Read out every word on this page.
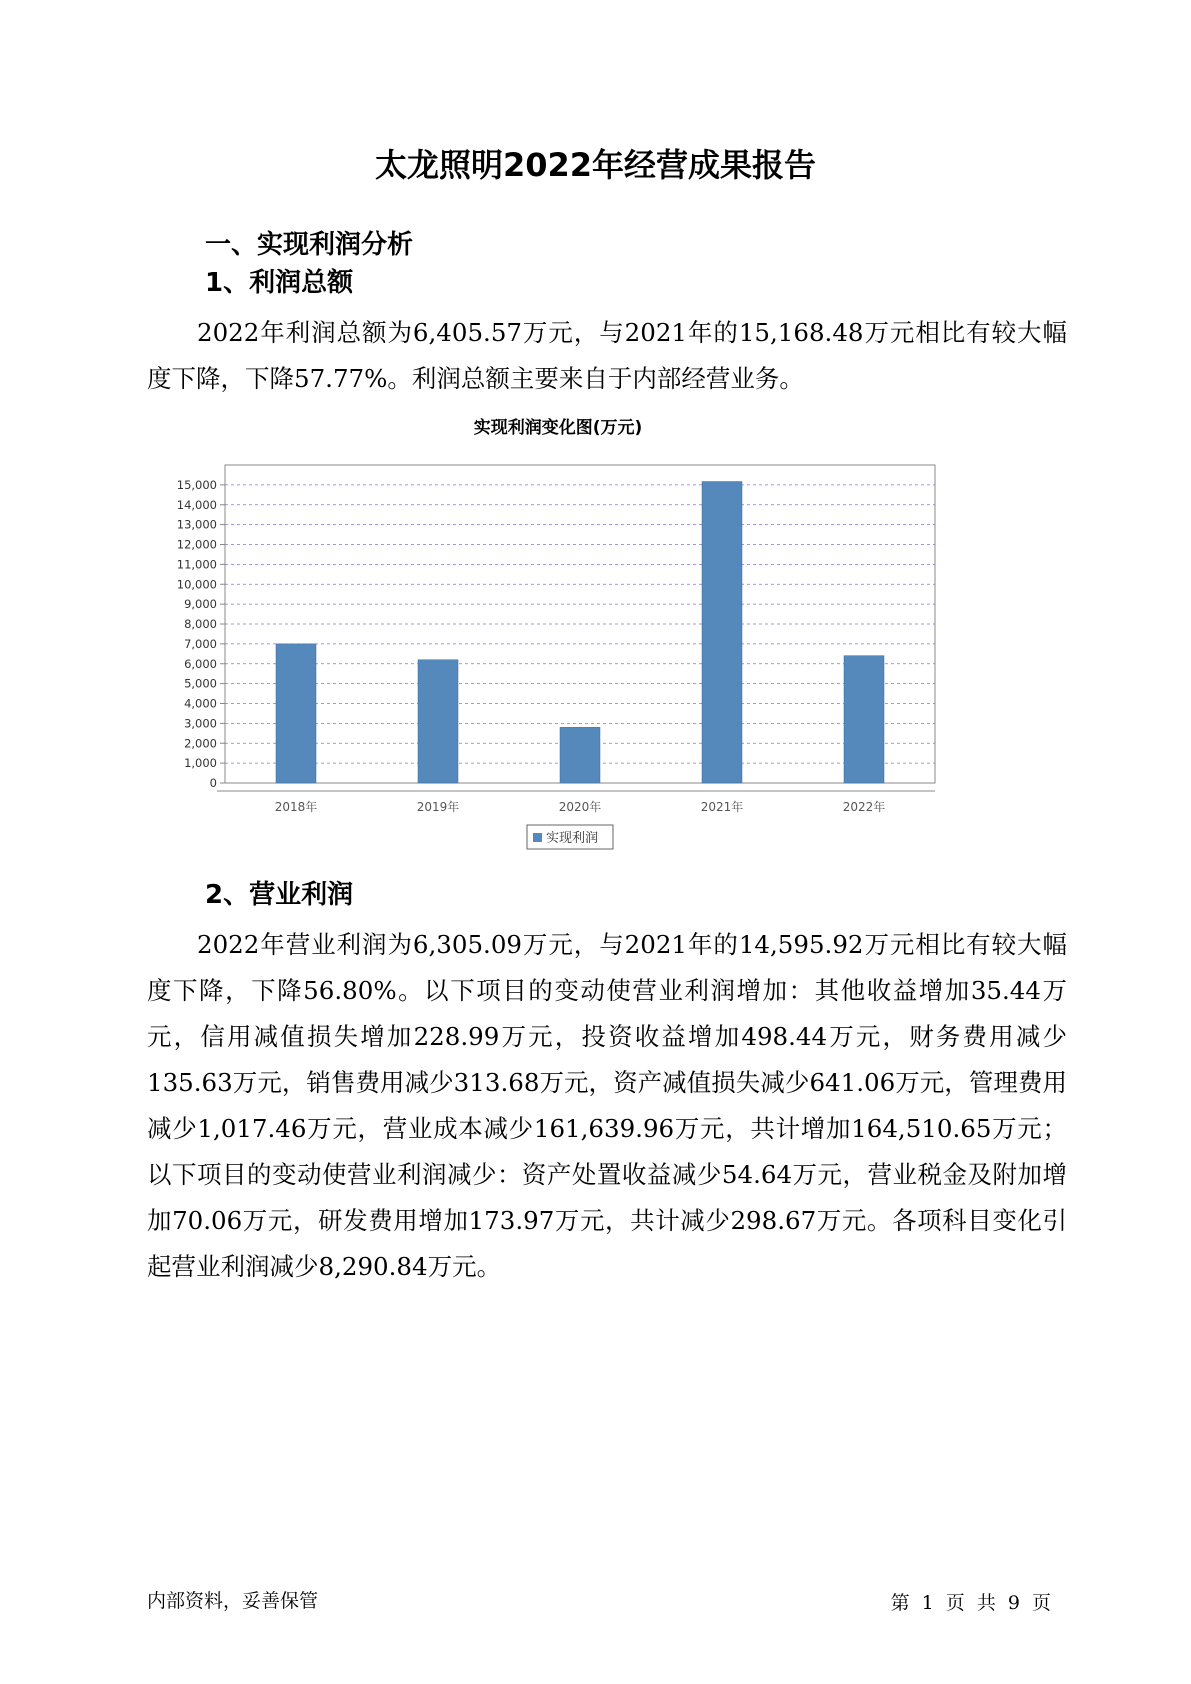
太龙照明2022年经营成果报告
一、实现利润分析
1、利润总额

2022年利润总额为6,405.57万元，与2021年的15,168.48万元相比有较大幅度下降，下降57.77%。利润总额主要来自于内部经营业务。

实现利润变化图(万元)
0
1,000
2,000
3,000
4,000
5,000
6,000
7,000
8,000
9,000
10,000
11,000
12,000
13,000
14,000
15,000
2018年	2019年	2020年	2021年	2022年
实现利润
2、营业利润

2022年营业利润为6,305.09万元，与2021年的14,595.92万元相比有较大幅度下降，下降56.80%。以下项目的变动使营业利润增加：其他收益增加35.44万元，信用减值损失增加228.99万元，投资收益增加498.44万元，财务费用减少135.63万元，销售费用减少313.68万元，资产减值损失减少641.06万元，管理费用减少1,017.46万元，营业成本减少161,639.96万元，共计增加164,510.65万元；以下项目的变动使营业利润减少：资产处置收益减少54.64万元，营业税金及附加增加70.06万元，研发费用增加173.97万元，共计减少298.67万元。各项科目变化引起营业利润减少8,290.84万元。

内部资料，妥善保管	第 1 页 共 9 页
